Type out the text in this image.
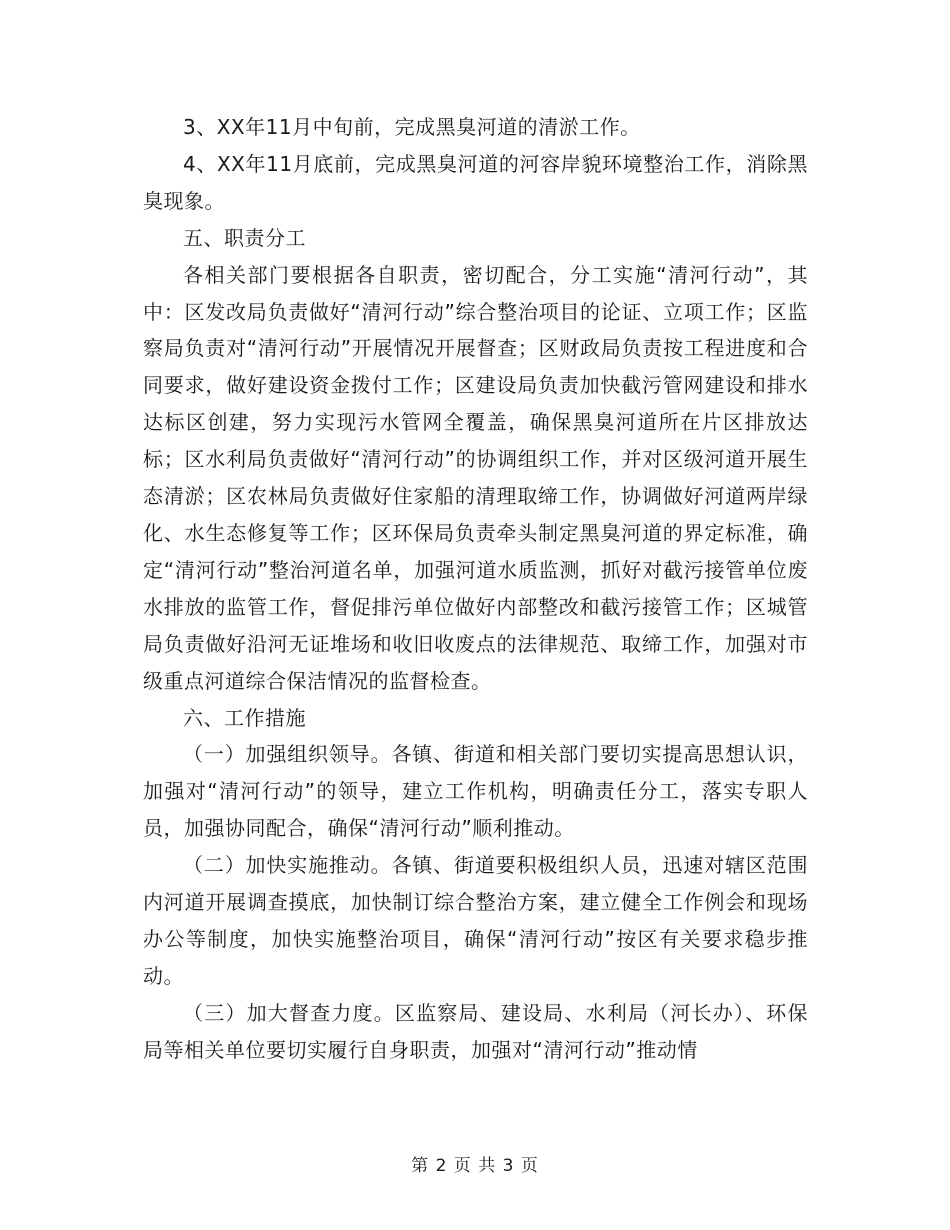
3、XX年11月中旬前，完成黑臭河道的清淤工作。

4、XX年11月底前，完成黑臭河道的河容岸貌环境整治工作，消除黑臭现象。

五、职责分工

各相关部门要根据各自职责，密切配合，分工实施“清河行动”，其中：区发改局负责做好“清河行动”综合整治项目的论证、立项工作；区监察局负责对“清河行动”开展情况开展督查；区财政局负责按工程进度和合同要求，做好建设资金拨付工作；区建设局负责加快截污管网建设和排水达标区创建，努力实现污水管网全覆盖，确保黑臭河道所在片区排放达标；区水利局负责做好“清河行动”的协调组织工作，并对区级河道开展生态清淤；区农林局负责做好住家船的清理取缔工作，协调做好河道两岸绿化、水生态修复等工作；区环保局负责牵头制定黑臭河道的界定标准，确定“清河行动”整治河道名单，加强河道水质监测，抓好对截污接管单位废水排放的监管工作，督促排污单位做好内部整改和截污接管工作；区城管局负责做好沿河无证堆场和收旧收废点的法律规范、取缔工作，加强对市级重点河道综合保洁情况的监督检查。

六、工作措施

（一）加强组织领导。各镇、街道和相关部门要切实提高思想认识，加强对“清河行动”的领导，建立工作机构，明确责任分工，落实专职人员，加强协同配合，确保“清河行动”顺利推动。

（二）加快实施推动。各镇、街道要积极组织人员，迅速对辖区范围内河道开展调查摸底，加快制订综合整治方案，建立健全工作例会和现场办公等制度，加快实施整治项目，确保“清河行动”按区有关要求稳步推动。

（三）加大督查力度。区监察局、建设局、水利局（河长办）、环保局等相关单位要切实履行自身职责，加强对“清河行动”推动情

第 2 页 共 3 页
